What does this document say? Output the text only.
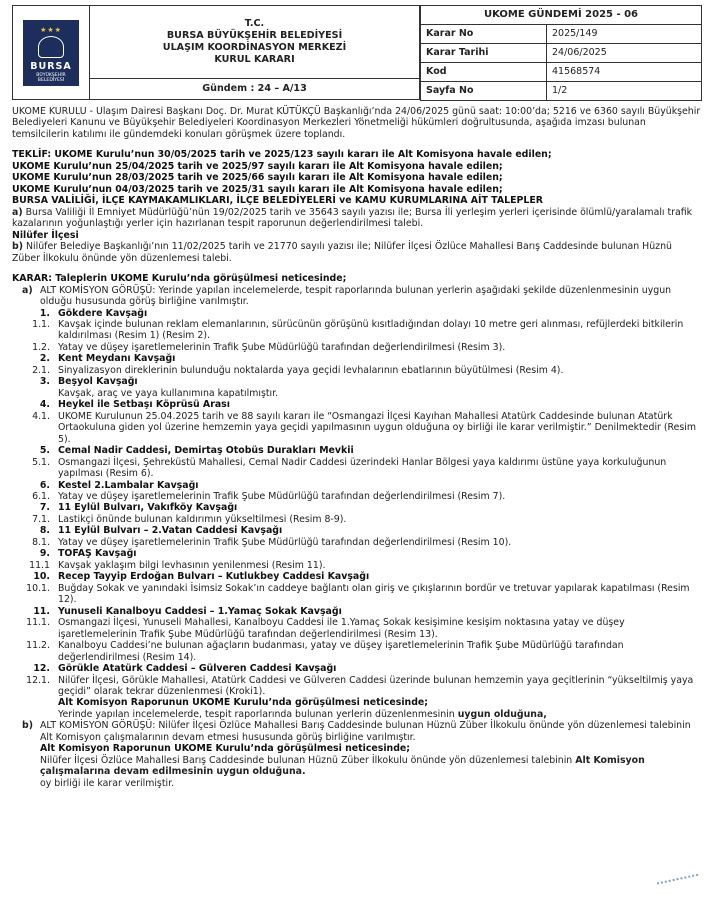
★★★
BURSA
BÜYÜKŞEHİR
BELEDİYESİ
T.C.
BURSA BÜYÜKŞEHİR BELEDİYESİ
ULAŞIM KOORDİNASYON MERKEZİ
KURUL KARARI
Gündem : 24 – A/13
UKOME GÜNDEMİ 2025 - 06	
Karar No	2025/149
Karar Tarihi	24/06/2025
Kod	41568574
Sayfa No	1/2
UKOME KURULU - Ulaşım Dairesi Başkanı Doç. Dr. Murat KÜTÜKÇÜ Başkanlığı’nda 24/06/2025 günü saat: 10:00’da; 5216 ve 6360 sayılı Büyükşehir Belediyeleri Kanunu ve Büyükşehir Belediyeleri Koordinasyon Merkezleri Yönetmeliği hükümleri doğrultusunda, aşağıda imzası bulunan temsilcilerin katılımı ile gündemdeki konuları görüşmek üzere toplandı.
TEKLİF: UKOME Kurulu’nun 30/05/2025 tarih ve 2025/123 sayılı kararı ile Alt Komisyona havale edilen;
UKOME Kurulu’nun 25/04/2025 tarih ve 2025/97 sayılı kararı ile Alt Komisyona havale edilen;
UKOME Kurulu’nun 28/03/2025 tarih ve 2025/66 sayılı kararı ile Alt Komisyona havale edilen;
UKOME Kurulu’nun 04/03/2025 tarih ve 2025/31 sayılı kararı ile Alt Komisyona havale edilen;
BURSA VALİLİĞİ, İLÇE KAYMAKAMLIKLARI, İLÇE BELEDİYELERİ ve KAMU KURUMLARINA AİT TALEPLER
a) Bursa Valiliği İl Emniyet Müdürlüğü’nün 19/02/2025 tarih ve 35643 sayılı yazısı ile; Bursa İli yerleşim yerleri içerisinde ölümlü/yaralamalı trafik kazalarının yoğunlaştığı yerler için hazırlanan tespit raporunun değerlendirilmesi talebi.
Nilüfer İlçesi
b) Nilüfer Belediye Başkanlığı’nın 11/02/2025 tarih ve 21770 sayılı yazısı ile; Nilüfer İlçesi Özlüce Mahallesi Barış Caddesinde bulunan Hüznü Züber İlkokulu önünde yön düzenlemesi talebi.
KARAR: Taleplerin UKOME Kurulu’nda görüşülmesi neticesinde;
a) ALT KOMİSYON GÖRÜŞÜ: Yerinde yapılan incelemelerde, tespit raporlarında bulunan yerlerin aşağıdaki şekilde düzenlenmesinin uygun olduğu hususunda görüş birliğine varılmıştır.
1. Gökdere Kavşağı
1.1. Kavşak içinde bulunan reklam elemanlarının, sürücünün görüşünü kısıtladığından dolayı 10 metre geri alınması, refüjlerdeki bitkilerin kaldırılması (Resim 1) (Resim 2).
1.2. Yatay ve düşey işaretlemelerinin Trafik Şube Müdürlüğü tarafından değerlendirilmesi (Resim 3).
2. Kent Meydanı Kavşağı
2.1. Sinyalizasyon direklerinin bulunduğu noktalarda yaya geçidi levhalarının ebatlarının büyütülmesi (Resim 4).
3. Beşyol Kavşağı
Kavşak, araç ve yaya kullanımına kapatılmıştır.
4. Heykel ile Setbaşı Köprüsü Arası
4.1. UKOME Kurulunun 25.04.2025 tarih ve 88 sayılı kararı ile “Osmangazi İlçesi Kayıhan Mahallesi Atatürk Caddesinde bulunan Atatürk Ortaokuluna giden yol üzerine hemzemin yaya geçidi yapılmasının uygun olduğuna oy birliği ile karar verilmiştir.” Denilmektedir (Resim 5).
5. Cemal Nadir Caddesi, Demirtaş Otobüs Durakları Mevkii
5.1. Osmangazi İlçesi, Şehreküstü Mahallesi, Cemal Nadir Caddesi üzerindeki Hanlar Bölgesi yaya kaldırımı üstüne yaya korkuluğunun yapılması (Resim 6).
6. Kestel 2.Lambalar Kavşağı
6.1. Yatay ve düşey işaretlemelerinin Trafik Şube Müdürlüğü tarafından değerlendirilmesi (Resim 7).
7. 11 Eylül Bulvarı, Vakıfköy Kavşağı
7.1. Lastikçi önünde bulunan kaldırımın yükseltilmesi (Resim 8-9).
8. 11 Eylül Bulvarı – 2.Vatan Caddesi Kavşağı
8.1. Yatay ve düşey işaretlemelerinin Trafik Şube Müdürlüğü tarafından değerlendirilmesi (Resim 10).
9. TOFAŞ Kavşağı
11.1 Kavşak yaklaşım bilgi levhasının yenilenmesi (Resim 11).
10. Recep Tayyip Erdoğan Bulvarı – Kutlukbey Caddesi Kavşağı
10.1. Buğday Sokak ve yanındaki İsimsiz Sokak’ın caddeye bağlantı olan giriş ve çıkışlarının bordür ve tretuvar yapılarak kapatılması (Resim 12).
11. Yunuseli Kanalboyu Caddesi – 1.Yamaç Sokak Kavşağı
11.1. Osmangazi İlçesi, Yunuseli Mahallesi, Kanalboyu Caddesi ile 1.Yamaç Sokak kesişimine kesişim noktasına yatay ve düşey işaretlemelerinin Trafik Şube Müdürlüğü tarafından değerlendirilmesi (Resim 13).
11.2. Kanalboyu Caddesi’ne bulunan ağaçların budanması, yatay ve düşey işaretlemelerinin Trafik Şube Müdürlüğü tarafından değerlendirilmesi (Resim 14).
12. Görükle Atatürk Caddesi – Gülveren Caddesi Kavşağı
12.1. Nilüfer İlçesi, Görükle Mahallesi, Atatürk Caddesi ve Gülveren Caddesi üzerinde bulunan hemzemin yaya geçitlerinin “yükseltilmiş yaya geçidi” olarak tekrar düzenlenmesi (Kroki1).
Alt Komisyon Raporunun UKOME Kurulu’nda görüşülmesi neticesinde;
Yerinde yapılan incelemelerde, tespit raporlarında bulunan yerlerin düzenlenmesinin uygun olduğuna,
b) ALT KOMİSYON GÖRÜŞÜ: Nilüfer İlçesi Özlüce Mahallesi Barış Caddesinde bulunan Hüznü Züber İlkokulu önünde yön düzenlemesi talebinin Alt Komisyon çalışmalarının devam etmesi hususunda görüş birliğine varılmıştır.
Alt Komisyon Raporunun UKOME Kurulu’nda görüşülmesi neticesinde;
Nilüfer İlçesi Özlüce Mahallesi Barış Caddesinde bulunan Hüznü Züber İlkokulu önünde yön düzenlemesi talebinin Alt Komisyon çalışmalarına devam edilmesinin uygun olduğuna.
oy birliği ile karar verilmiştir.
